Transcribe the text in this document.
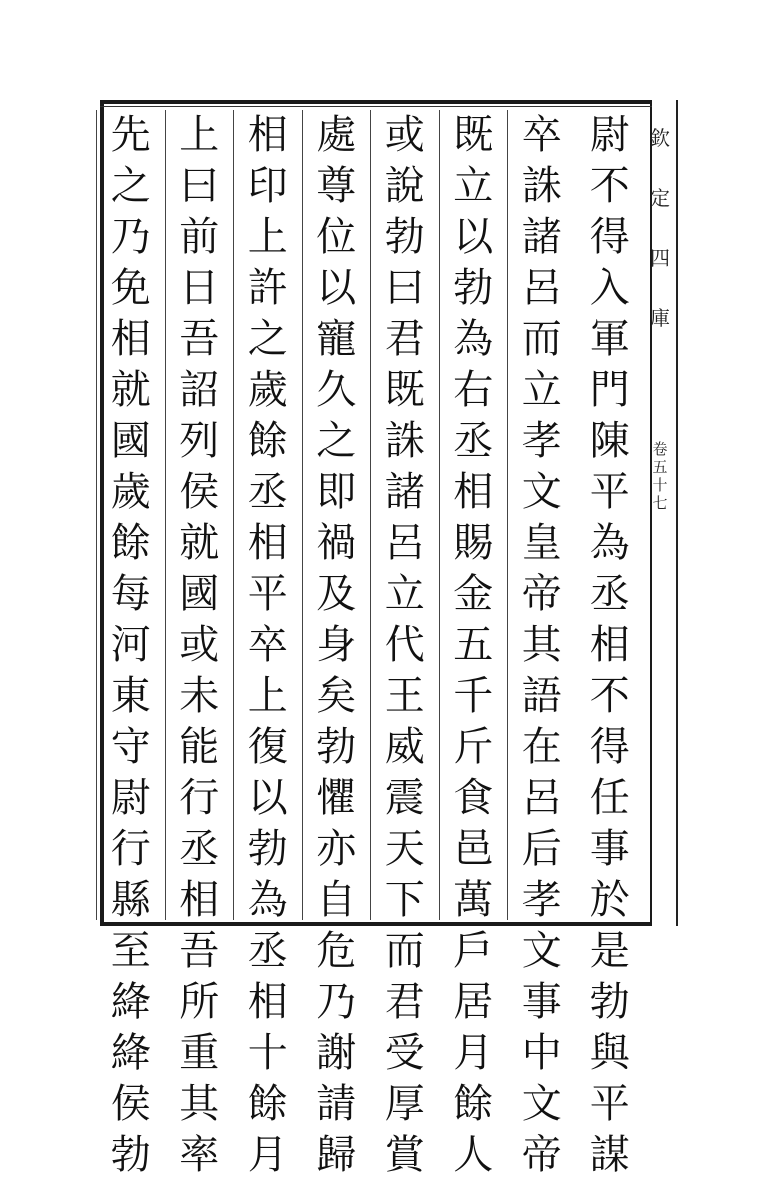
欽
定
四
庫
卷
五
十
七
尉
不
得
入
軍
門
陳
平
為
丞
相
不
得
任
事
於
是
勃
與
平
謀
卒
誅
諸
呂
而
立
孝
文
皇
帝
其
語
在
呂
后
孝
文
事
中
文
帝
既
立
以
勃
為
右
丞
相
賜
金
五
千
斤
食
邑
萬
戶
居
月
餘
人
或
說
勃
曰
君
既
誅
諸
呂
立
代
王
威
震
天
下
而
君
受
厚
賞
處
尊
位
以
寵
久
之
即
禍
及
身
矣
勃
懼
亦
自
危
乃
謝
請
歸
相
印
上
許
之
歲
餘
丞
相
平
卒
上
復
以
勃
為
丞
相
十
餘
月
上
曰
前
日
吾
詔
列
侯
就
國
或
未
能
行
丞
相
吾
所
重
其
率
先
之
乃
免
相
就
國
歲
餘
每
河
東
守
尉
行
縣
至
絳
絳
侯
勃
